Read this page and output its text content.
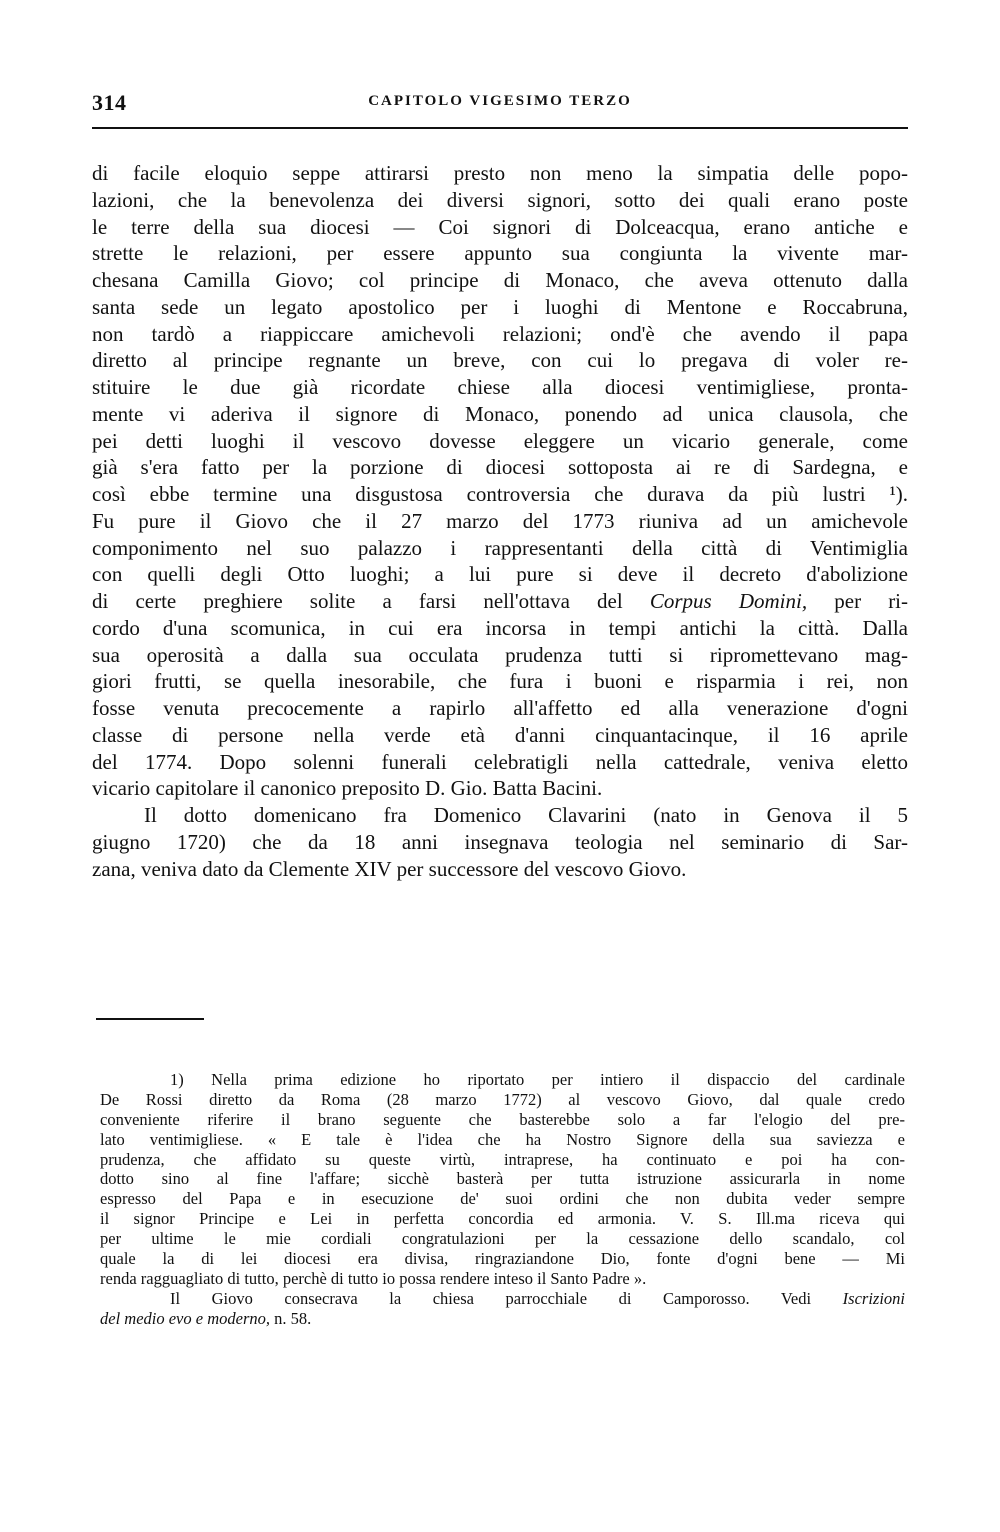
314	CAPITOLO VIGESIMO TERZO
di facile eloquio seppe attirarsi presto non meno la simpatia delle popo-
lazioni, che la benevolenza dei diversi signori, sotto dei quali erano poste
le terre della sua diocesi — Coi signori di Dolceacqua, erano antiche e
strette le relazioni, per essere appunto sua congiunta la vivente mar-
chesana Camilla Giovo; col principe di Monaco, che aveva ottenuto dalla
santa sede un legato apostolico per i luoghi di Mentone e Roccabruna,
non tardò a riappiccare amichevoli relazioni; ond'è che avendo il papa
diretto al principe regnante un breve, con cui lo pregava di voler re-
stituire le due già ricordate chiese alla diocesi ventimigliese, pronta-
mente vi aderiva il signore di Monaco, ponendo ad unica clausola, che
pei detti luoghi il vescovo dovesse eleggere un vicario generale, come
già s'era fatto per la porzione di diocesi sottoposta ai re di Sardegna, e
così ebbe termine una disgustosa controversia che durava da più lustri ¹).
Fu pure il Giovo che il 27 marzo del 1773 riuniva ad un amichevole
componimento nel suo palazzo i rappresentanti della città di Ventimiglia
con quelli degli Otto luoghi; a lui pure si deve il decreto d'abolizione
di certe preghiere solite a farsi nell'ottava del Corpus Domini, per ri-
cordo d'una scomunica, in cui era incorsa in tempi antichi la città. Dalla
sua operosità a dalla sua occulata prudenza tutti si ripromettevano mag-
giori frutti, se quella inesorabile, che fura i buoni e risparmia i rei, non
fosse venuta precocemente a rapirlo all'affetto ed alla venerazione d'ogni
classe di persone nella verde età d'anni cinquantacinque, il 16 aprile
del 1774. Dopo solenni funerali celebratigli nella cattedrale, veniva eletto
vicario capitolare il canonico preposito D. Gio. Batta Bacini.
Il dotto domenicano fra Domenico Clavarini (nato in Genova il 5
giugno 1720) che da 18 anni insegnava teologia nel seminario di Sar-
zana, veniva dato da Clemente XIV per successore del vescovo Giovo.
1) Nella prima edizione ho riportato per intiero il dispaccio del cardinale
De Rossi diretto da Roma (28 marzo 1772) al vescovo Giovo, dal quale credo
conveniente riferire il brano seguente che basterebbe solo a far l'elogio del pre-
lato ventimigliese. « E tale è l'idea che ha Nostro Signore della sua saviezza e
prudenza, che affidato su queste virtù, intraprese, ha continuato e poi ha con-
dotto sino al fine l'affare; sicchè basterà per tutta istruzione assicurarla in nome
espresso del Papa e in esecuzione de' suoi ordini che non dubita veder sempre
il signor Principe e Lei in perfetta concordia ed armonia. V. S. Ill.ma riceva qui
per ultime le mie cordiali congratulazioni per la cessazione dello scandalo, col
quale la di lei diocesi era divisa, ringraziandone Dio, fonte d'ogni bene — Mi
renda ragguagliato di tutto, perchè di tutto io possa rendere inteso il Santo Padre ».
Il Giovo consecrava la chiesa parrocchiale di Camporosso. Vedi Iscrizioni
del medio evo e moderno, n. 58.
